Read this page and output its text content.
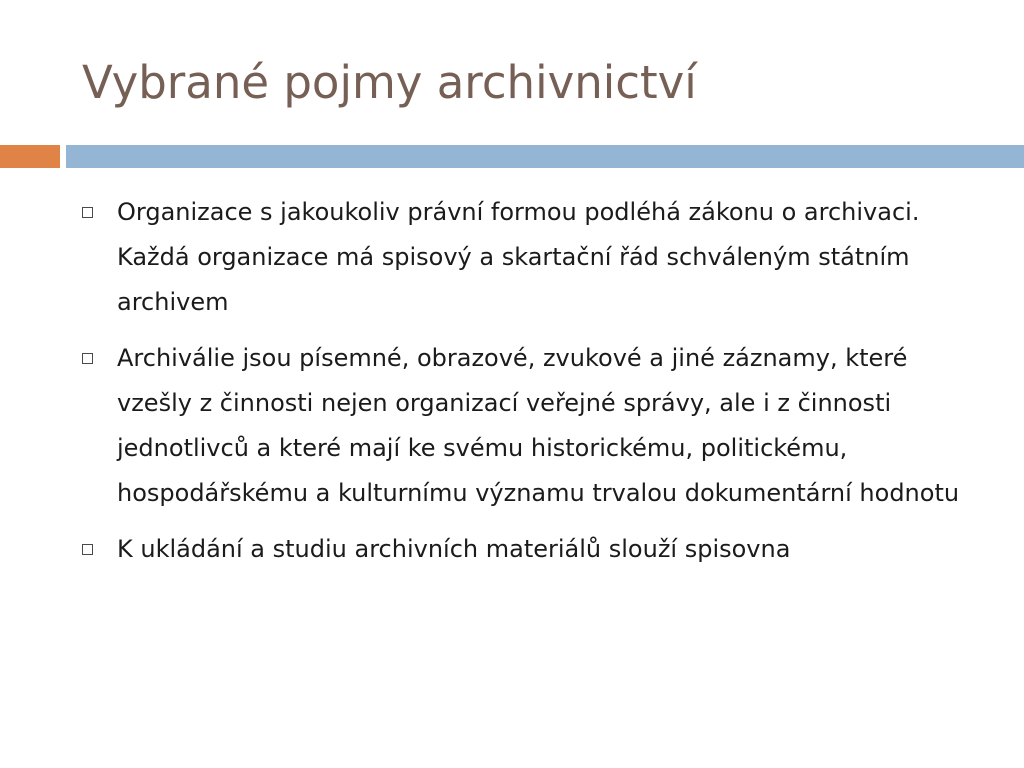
Vybrané pojmy archivnictví
Organizace s jakoukoliv právní formou podléhá zákonu o archivaci. Každá organizace má spisový a skartační řád schváleným státním archivem
Archiválie jsou písemné, obrazové, zvukové a jiné záznamy, které vzešly z činnosti nejen organizací veřejné správy, ale i z činnosti jednotlivců a které mají ke svému historickému, politickému, hospodářskému a kulturnímu významu trvalou dokumentární hodnotu
K ukládání a studiu archivních materiálů slouží spisovna
